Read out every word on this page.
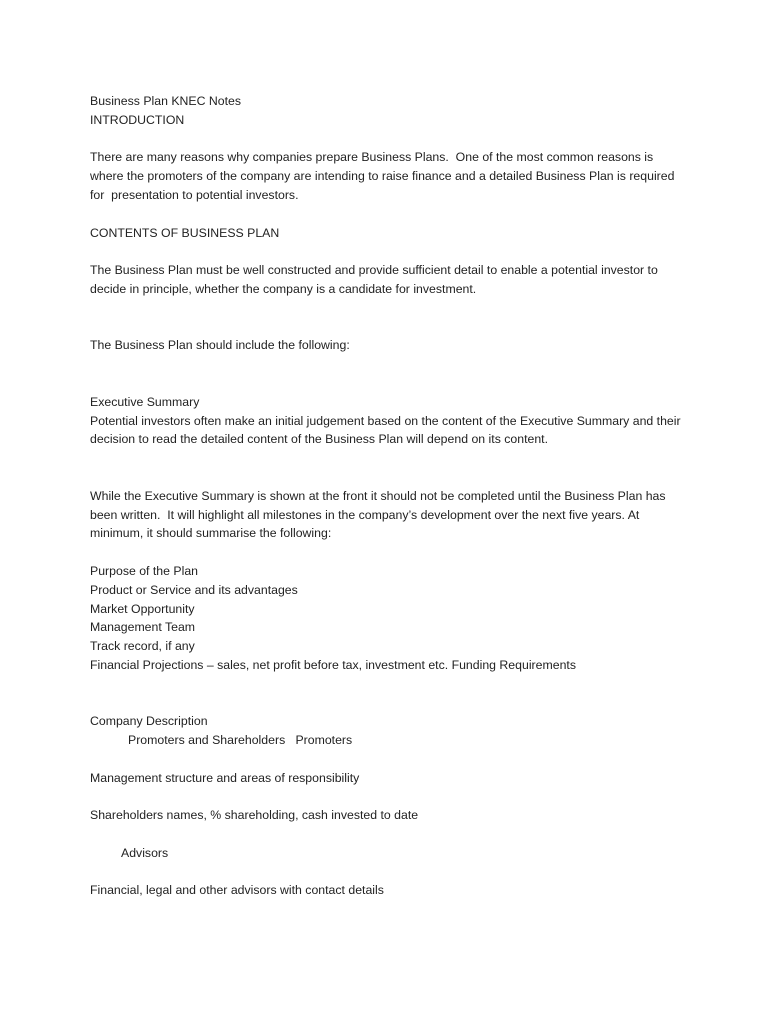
Business Plan KNEC Notes

INTRODUCTION

There are many reasons why companies prepare Business Plans.  One of the most common reasons is where the promoters of the company are intending to raise finance and a detailed Business Plan is required for  presentation to potential investors.

CONTENTS OF BUSINESS PLAN

The Business Plan must be well constructed and provide sufficient detail to enable a potential investor to decide in principle, whether the company is a candidate for investment.

The Business Plan should include the following:

Executive Summary

Potential investors often make an initial judgement based on the content of the Executive Summary and their decision to read the detailed content of the Business Plan will depend on its content.

While the Executive Summary is shown at the front it should not be completed until the Business Plan has been written.  It will highlight all milestones in the company’s development over the next five years. At minimum, it should summarise the following:

Purpose of the Plan

Product or Service and its advantages

Market Opportunity

Management Team

Track record, if any

Financial Projections – sales, net profit before tax, investment etc. Funding Requirements

Company Description

Promoters and Shareholders   Promoters

Management structure and areas of responsibility

Shareholders names, % shareholding, cash invested to date

Advisors

Financial, legal and other advisors with contact details
